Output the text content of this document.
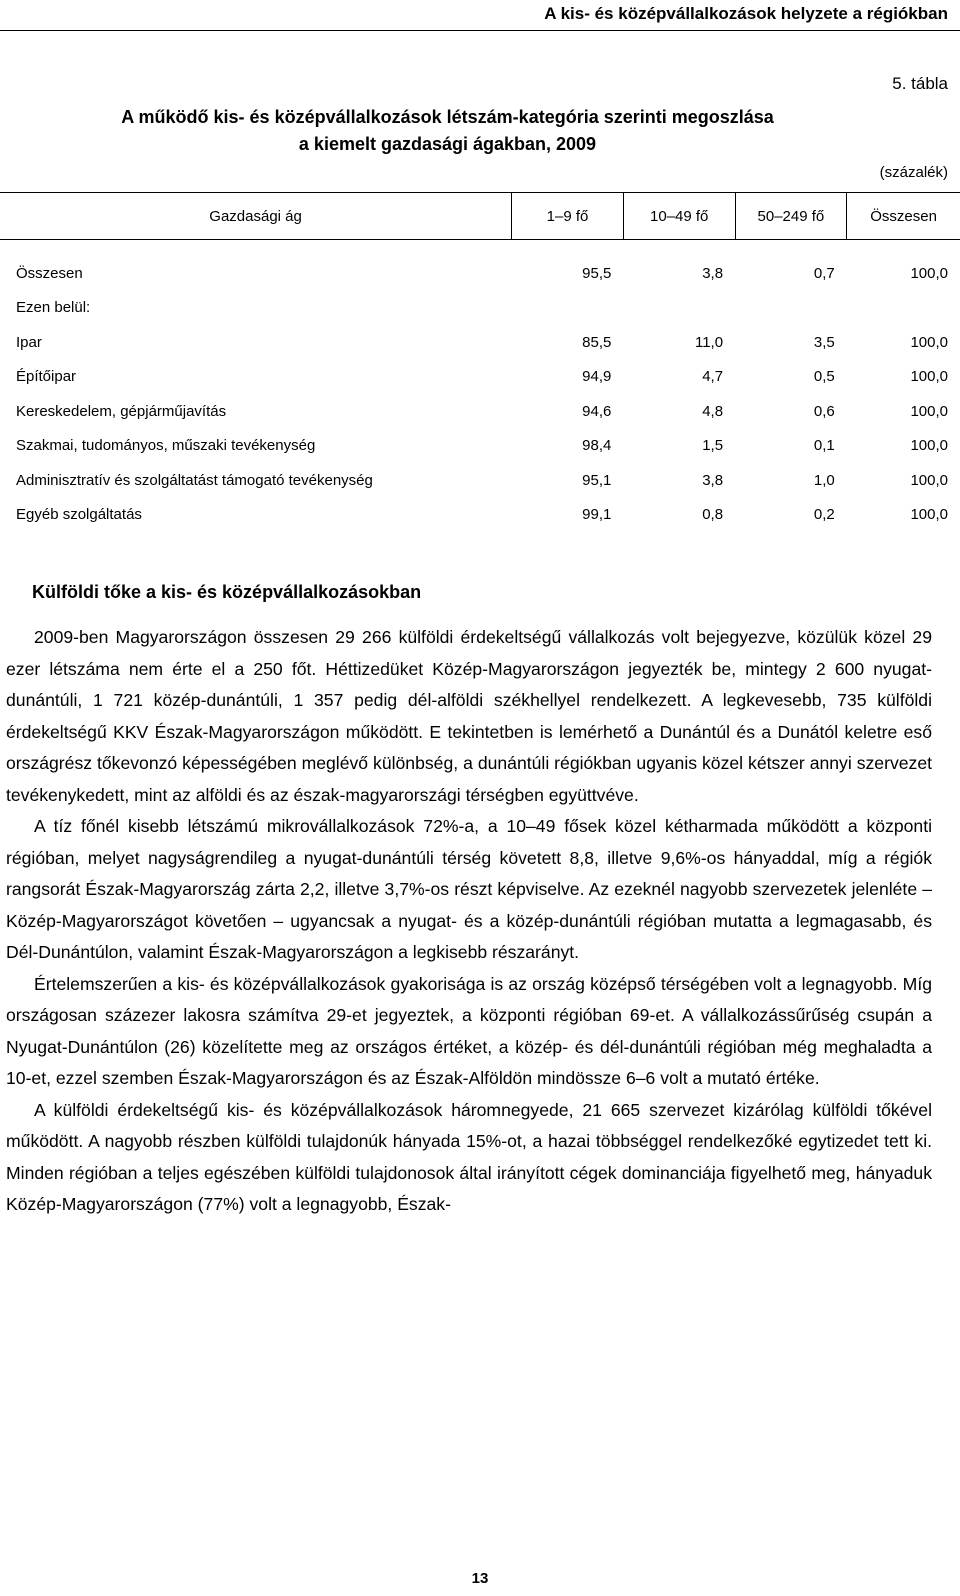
A kis- és középvállalkozások helyzete a régiókban
5. tábla
A működő kis- és középvállalkozások létszám-kategória szerinti megoszlása
a kiemelt gazdasági ágakban, 2009
(százalék)
Gazdasági ág	1–9 fő	10–49 fő	50–249 fő	Összesen
Összesen	95,5	3,8	0,7	100,0
Ezen belül:				
Ipar	85,5	11,0	3,5	100,0
Építőipar	94,9	4,7	0,5	100,0
Kereskedelem, gépjárműjavítás	94,6	4,8	0,6	100,0
Szakmai, tudományos, műszaki tevékenység	98,4	1,5	0,1	100,0
Adminisztratív és szolgáltatást támogató tevékenység	95,1	3,8	1,0	100,0
Egyéb szolgáltatás	99,1	0,8	0,2	100,0
Külföldi tőke a kis- és középvállalkozásokban

2009-ben Magyarországon összesen 29 266 külföldi érdekeltségű vállalkozás volt bejegyezve, közülük közel 29 ezer létszáma nem érte el a 250 főt. Héttizedüket Közép-Magyarországon jegyezték be, mintegy 2 600 nyugat-dunántúli, 1 721 közép-dunántúli, 1 357 pedig dél-alföldi székhellyel rendelkezett. A legkevesebb, 735 külföldi érdekeltségű KKV Észak-Magyarországon működött. E tekintetben is lemérhető a Dunántúl és a Dunától keletre eső országrész tőkevonzó képességében meglévő különbség, a dunántúli régiókban ugyanis közel kétszer annyi szervezet tevékenykedett, mint az alföldi és az észak-magyarországi térségben együttvéve.

A tíz főnél kisebb létszámú mikrovállalkozások 72%-a, a 10–49 fősek közel kétharmada működött a központi régióban, melyet nagyságrendileg a nyugat-dunántúli térség követett 8,8, illetve 9,6%-os hányaddal, míg a régiók rangsorát Észak-Magyarország zárta 2,2, illetve 3,7%-os részt képviselve. Az ezeknél nagyobb szervezetek jelenléte – Közép-Magyarországot követően – ugyancsak a nyugat- és a közép-dunántúli régióban mutatta a legmagasabb, és Dél-Dunántúlon, valamint Észak-Magyarországon a legkisebb részarányt.

Értelemszerűen a kis- és középvállalkozások gyakorisága is az ország középső térségében volt a legnagyobb. Míg országosan százezer lakosra számítva 29-et jegyeztek, a központi régióban 69-et. A vállalkozássűrűség csupán a Nyugat-Dunántúlon (26) közelítette meg az országos értéket, a közép- és dél-dunántúli régióban még meghaladta a 10-et, ezzel szemben Észak-Magyarországon és az Észak-Alföldön mindössze 6–6 volt a mutató értéke.

A külföldi érdekeltségű kis- és középvállalkozások háromnegyede, 21 665 szervezet kizárólag külföldi tőkével működött. A nagyobb részben külföldi tulajdonúk hányada 15%-ot, a hazai többséggel rendelkezőké egytizedet tett ki. Minden régióban a teljes egészében külföldi tulajdonosok által irányított cégek dominanciája figyelhető meg, hányaduk Közép-Magyarországon (77%) volt a legnagyobb, Észak-

13
